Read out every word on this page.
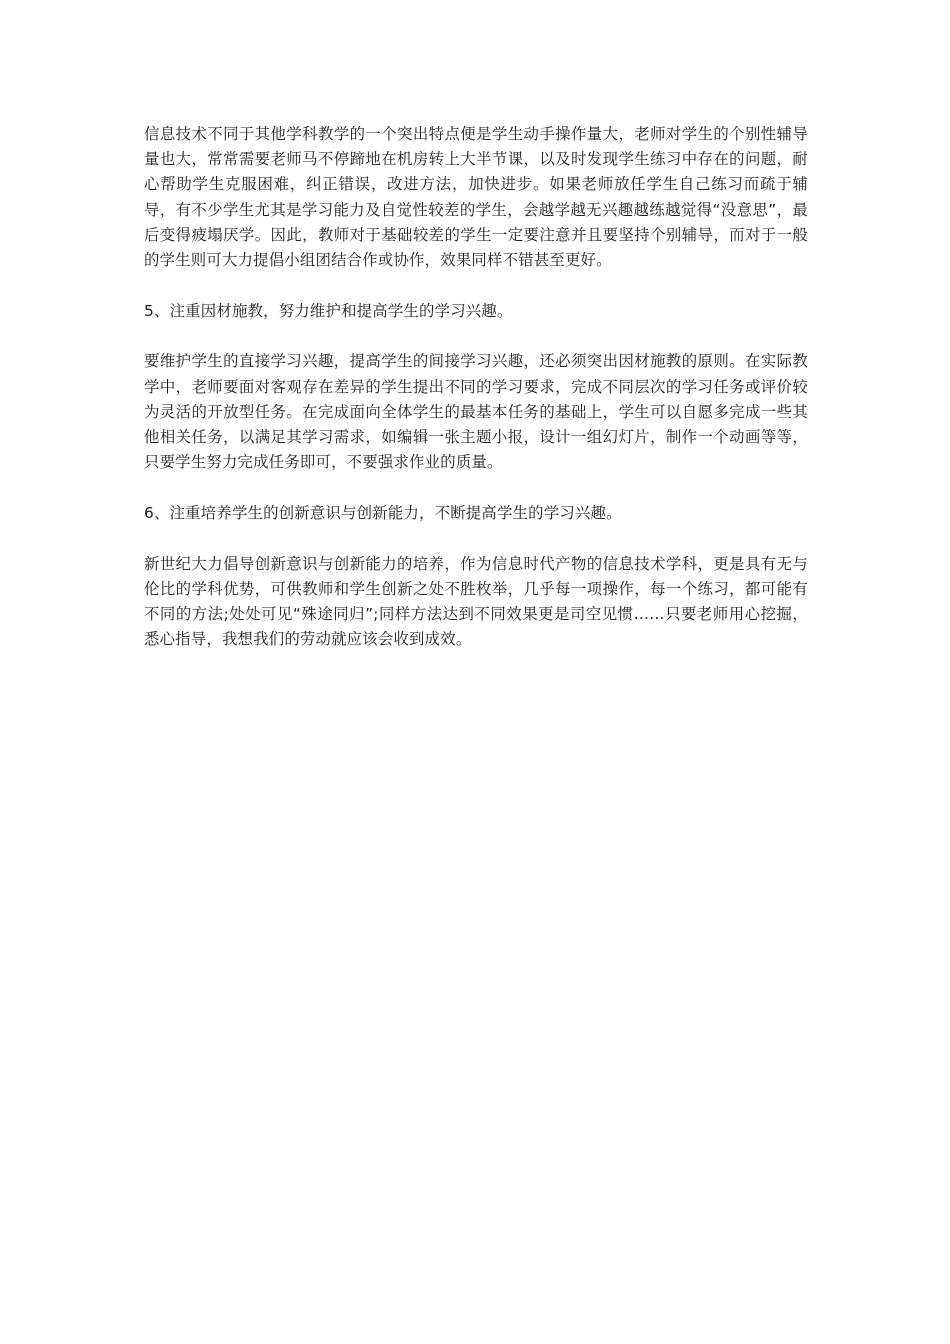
信息技术不同于其他学科教学的一个突出特点便是学生动手操作量大，老师对学生的个别性辅导量也大，常常需要老师马不停蹄地在机房转上大半节课，以及时发现学生练习中存在的问题，耐心帮助学生克服困难，纠正错误，改进方法，加快进步。如果老师放任学生自己练习而疏于辅导，有不少学生尤其是学习能力及自觉性较差的学生，会越学越无兴趣越练越觉得“没意思”，最后变得疲塌厌学。因此，教师对于基础较差的学生一定要注意并且要坚持个别辅导，而对于一般的学生则可大力提倡小组团结合作或协作，效果同样不错甚至更好。

5、注重因材施教，努力维护和提高学生的学习兴趣。

要维护学生的直接学习兴趣，提高学生的间接学习兴趣，还必须突出因材施教的原则。在实际教学中，老师要面对客观存在差异的学生提出不同的学习要求，完成不同层次的学习任务或评价较为灵活的开放型任务。在完成面向全体学生的最基本任务的基础上，学生可以自愿多完成一些其他相关任务，以满足其学习需求，如编辑一张主题小报，设计一组幻灯片，制作一个动画等等，只要学生努力完成任务即可，不要强求作业的质量。

6、注重培养学生的创新意识与创新能力，不断提高学生的学习兴趣。

新世纪大力倡导创新意识与创新能力的培养，作为信息时代产物的信息技术学科，更是具有无与伦比的学科优势，可供教师和学生创新之处不胜枚举，几乎每一项操作，每一个练习，都可能有不同的方法;处处可见“殊途同归”;同样方法达到不同效果更是司空见惯……只要老师用心挖掘，悉心指导，我想我们的劳动就应该会收到成效。
